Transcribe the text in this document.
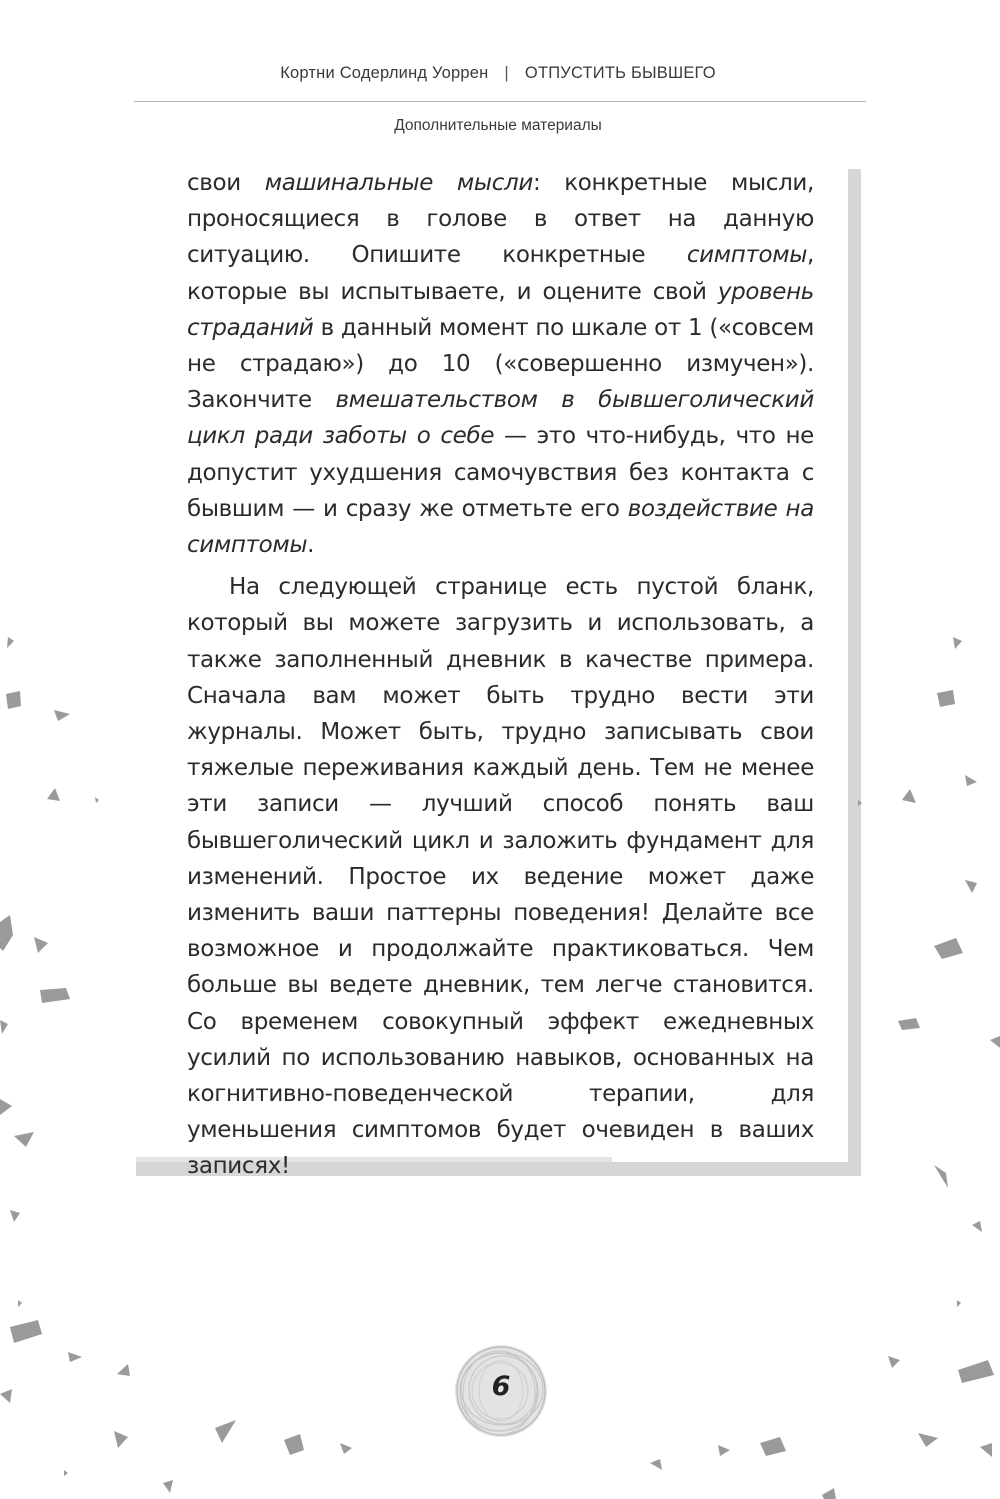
Кортни Содерлинд Уоррен | ОТПУСТИТЬ БЫВШЕГО
Дополнительные материалы

свои машинальные мысли: конкретные мысли, проносящиеся в голове в ответ на данную ситуацию. Опишите конкретные симптомы, которые вы испытываете, и оцените свой уровень страданий в данный момент по шкале от 1 («совсем не страдаю») до 10 («совершенно измучен»). Закончите вмешательством в бывшеголический цикл ради заботы о себе — это что-нибудь, что не допустит ухудшения самочувствия без контакта с бывшим — и сразу же отметьте его воздействие на симптомы.

На следующей странице есть пустой бланк, который вы можете загрузить и использовать, а также заполненный дневник в качестве примера. Сначала вам может быть трудно вести эти журналы. Может быть, трудно записывать свои тяжелые переживания каждый день. Тем не менее эти записи — лучший способ понять ваш бывшеголический цикл и заложить фундамент для изменений. Простое их ведение может даже изменить ваши паттерны поведения! Делайте все возможное и продолжайте практиковаться. Чем больше вы ведете дневник, тем легче становится. Со временем совокупный эффект ежедневных усилий по использованию навыков, основанных на когнитивно-поведенческой терапии, для уменьшения симптомов будет очевиден в ваших записях!

6
